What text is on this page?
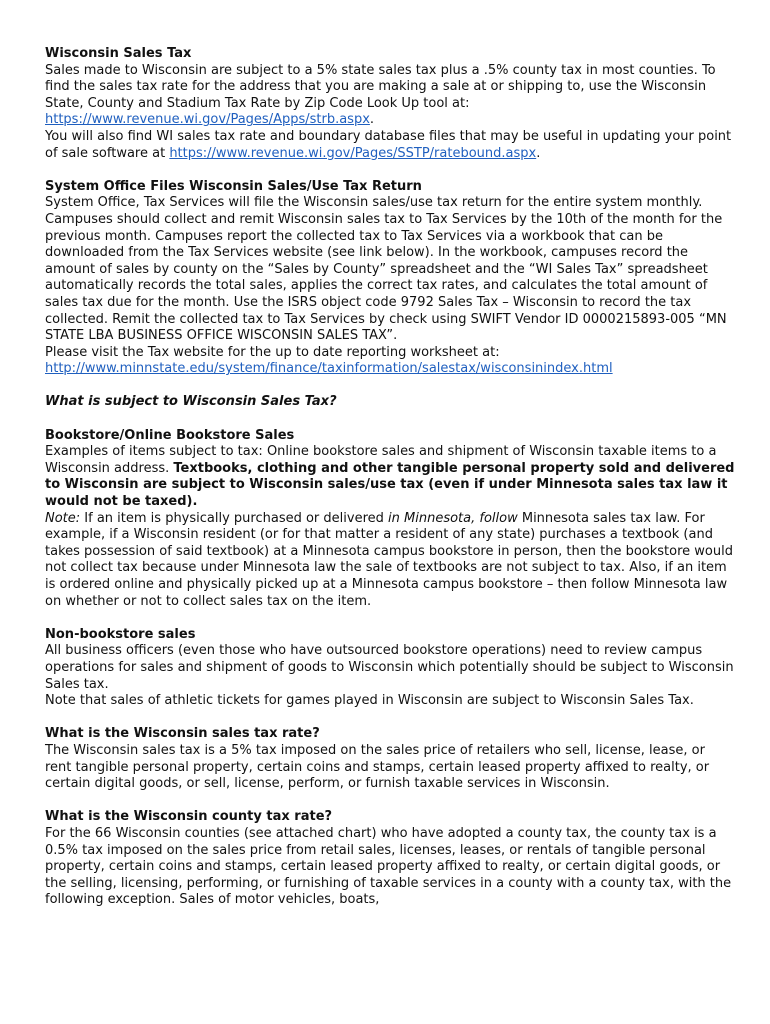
Wisconsin Sales Tax

Sales made to Wisconsin are subject to a 5% state sales tax plus a .5% county tax in most counties. To find the sales tax rate for the address that you are making a sale at or shipping to, use the Wisconsin State, County and Stadium Tax Rate by Zip Code Look Up tool at:
https://www.revenue.wi.gov/Pages/Apps/strb.aspx.

You will also find WI sales tax rate and boundary database files that may be useful in updating your point of sale software at https://www.revenue.wi.gov/Pages/SSTP/ratebound.aspx.

System Office Files Wisconsin Sales/Use Tax Return

System Office, Tax Services will file the Wisconsin sales/use tax return for the entire system monthly. Campuses should collect and remit Wisconsin sales tax to Tax Services by the 10th of the month for the previous month. Campuses report the collected tax to Tax Services via a workbook that can be downloaded from the Tax Services website (see link below). In the workbook, campuses record the amount of sales by county on the “Sales by County” spreadsheet and the “WI Sales Tax” spreadsheet automatically records the total sales, applies the correct tax rates, and calculates the total amount of sales tax due for the month. Use the ISRS object code 9792 Sales Tax – Wisconsin to record the tax collected. Remit the collected tax to Tax Services by check using SWIFT Vendor ID 0000215893-005 “MN STATE LBA BUSINESS OFFICE WISCONSIN SALES TAX”.

Please visit the Tax website for the up to date reporting worksheet at:

http://www.minnstate.edu/system/finance/taxinformation/salestax/wisconsinindex.html

What is subject to Wisconsin Sales Tax?

Bookstore/Online Bookstore Sales

Examples of items subject to tax: Online bookstore sales and shipment of Wisconsin taxable items to a Wisconsin address. Textbooks, clothing and other tangible personal property sold and delivered to Wisconsin are subject to Wisconsin sales/use tax (even if under Minnesota sales tax law it would not be taxed).

Note: If an item is physically purchased or delivered in Minnesota, follow Minnesota sales tax law. For example, if a Wisconsin resident (or for that matter a resident of any state) purchases a textbook (and takes possession of said textbook) at a Minnesota campus bookstore in person, then the bookstore would not collect tax because under Minnesota law the sale of textbooks are not subject to tax. Also, if an item is ordered online and physically picked up at a Minnesota campus bookstore – then follow Minnesota law on whether or not to collect sales tax on the item.

Non-bookstore sales

All business officers (even those who have outsourced bookstore operations) need to review campus operations for sales and shipment of goods to Wisconsin which potentially should be subject to Wisconsin Sales tax.

Note that sales of athletic tickets for games played in Wisconsin are subject to Wisconsin Sales Tax.

What is the Wisconsin sales tax rate?

The Wisconsin sales tax is a 5% tax imposed on the sales price of retailers who sell, license, lease, or rent tangible personal property, certain coins and stamps, certain leased property affixed to realty, or certain digital goods, or sell, license, perform, or furnish taxable services in Wisconsin.

What is the Wisconsin county tax rate?

For the 66 Wisconsin counties (see attached chart) who have adopted a county tax, the county tax is a 0.5% tax imposed on the sales price from retail sales, licenses, leases, or rentals of tangible personal property, certain coins and stamps, certain leased property affixed to realty, or certain digital goods, or the selling, licensing, performing, or furnishing of taxable services in a county with a county tax, with the following exception. Sales of motor vehicles, boats,
